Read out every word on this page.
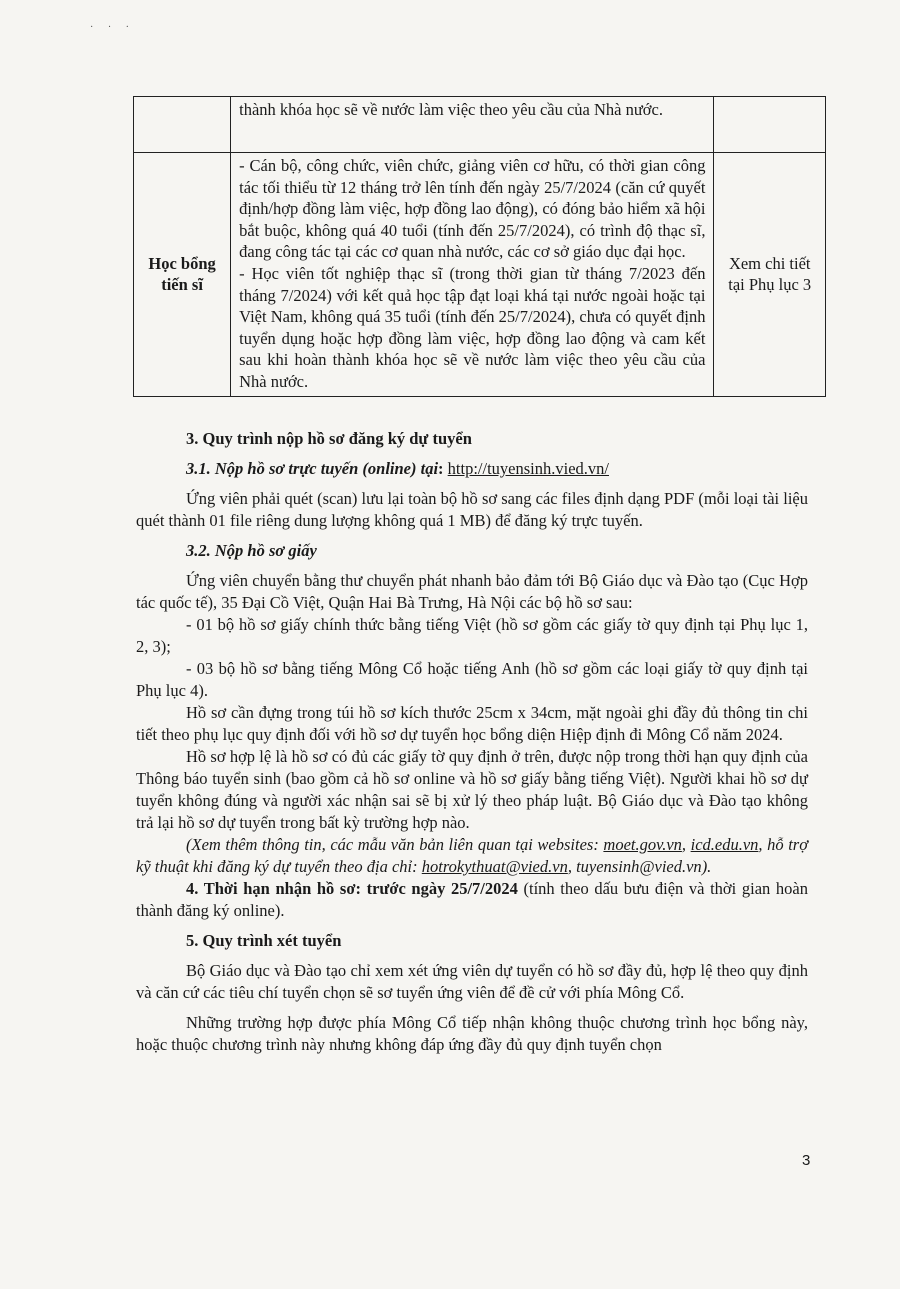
· · ·
	thành khóa học sẽ về nước làm việc theo yêu cầu của Nhà nước.	
Học bổng tiến sĩ	- Cán bộ, công chức, viên chức, giảng viên cơ hữu, có thời gian công tác tối thiểu từ 12 tháng trở lên tính đến ngày 25/7/2024 (căn cứ quyết định/hợp đồng làm việc, hợp đồng lao động), có đóng bảo hiểm xã hội bắt buộc, không quá 40 tuổi (tính đến 25/7/2024), có trình độ thạc sĩ, đang công tác tại các cơ quan nhà nước, các cơ sở giáo dục đại học.
- Học viên tốt nghiệp thạc sĩ (trong thời gian từ tháng 7/2023 đến tháng 7/2024) với kết quả học tập đạt loại khá tại nước ngoài hoặc tại Việt Nam, không quá 35 tuổi (tính đến 25/7/2024), chưa có quyết định tuyển dụng hoặc hợp đồng làm việc, hợp đồng lao động và cam kết sau khi hoàn thành khóa học sẽ về nước làm việc theo yêu cầu của Nhà nước.	Xem chi tiết tại Phụ lục 3
3. Quy trình nộp hồ sơ đăng ký dự tuyển
3.1. Nộp hồ sơ trực tuyến (online) tại: http://tuyensinh.vied.vn/

Ứng viên phải quét (scan) lưu lại toàn bộ hồ sơ sang các files định dạng PDF (mỗi loại tài liệu quét thành 01 file riêng dung lượng không quá 1 MB) để đăng ký trực tuyến.

3.2. Nộp hồ sơ giấy

Ứng viên chuyển bằng thư chuyển phát nhanh bảo đảm tới Bộ Giáo dục và Đào tạo (Cục Hợp tác quốc tế), 35 Đại Cồ Việt, Quận Hai Bà Trưng, Hà Nội các bộ hồ sơ sau:

- 01 bộ hồ sơ giấy chính thức bằng tiếng Việt (hồ sơ gồm các giấy tờ quy định tại Phụ lục 1, 2, 3);

- 03 bộ hồ sơ bằng tiếng Mông Cổ hoặc tiếng Anh (hồ sơ gồm các loại giấy tờ quy định tại Phụ lục 4).

Hồ sơ cần đựng trong túi hồ sơ kích thước 25cm x 34cm, mặt ngoài ghi đầy đủ thông tin chi tiết theo phụ lục quy định đối với hồ sơ dự tuyển học bổng diện Hiệp định đi Mông Cổ năm 2024.

Hồ sơ hợp lệ là hồ sơ có đủ các giấy tờ quy định ở trên, được nộp trong thời hạn quy định của Thông báo tuyển sinh (bao gồm cả hồ sơ online và hồ sơ giấy bằng tiếng Việt). Người khai hồ sơ dự tuyển không đúng và người xác nhận sai sẽ bị xử lý theo pháp luật. Bộ Giáo dục và Đào tạo không trả lại hồ sơ dự tuyển trong bất kỳ trường hợp nào.

(Xem thêm thông tin, các mẫu văn bản liên quan tại websites: moet.gov.vn, icd.edu.vn, hỗ trợ kỹ thuật khi đăng ký dự tuyển theo địa chỉ: hotrokythuat@vied.vn, tuyensinh@vied.vn).

4. Thời hạn nhận hồ sơ: trước ngày 25/7/2024 (tính theo dấu bưu điện và thời gian hoàn thành đăng ký online).

5. Quy trình xét tuyển

Bộ Giáo dục và Đào tạo chỉ xem xét ứng viên dự tuyển có hồ sơ đầy đủ, hợp lệ theo quy định và căn cứ các tiêu chí tuyển chọn sẽ sơ tuyển ứng viên để đề cử với phía Mông Cổ.

Những trường hợp được phía Mông Cổ tiếp nhận không thuộc chương trình học bổng này, hoặc thuộc chương trình này nhưng không đáp ứng đầy đủ quy định tuyển chọn

3
